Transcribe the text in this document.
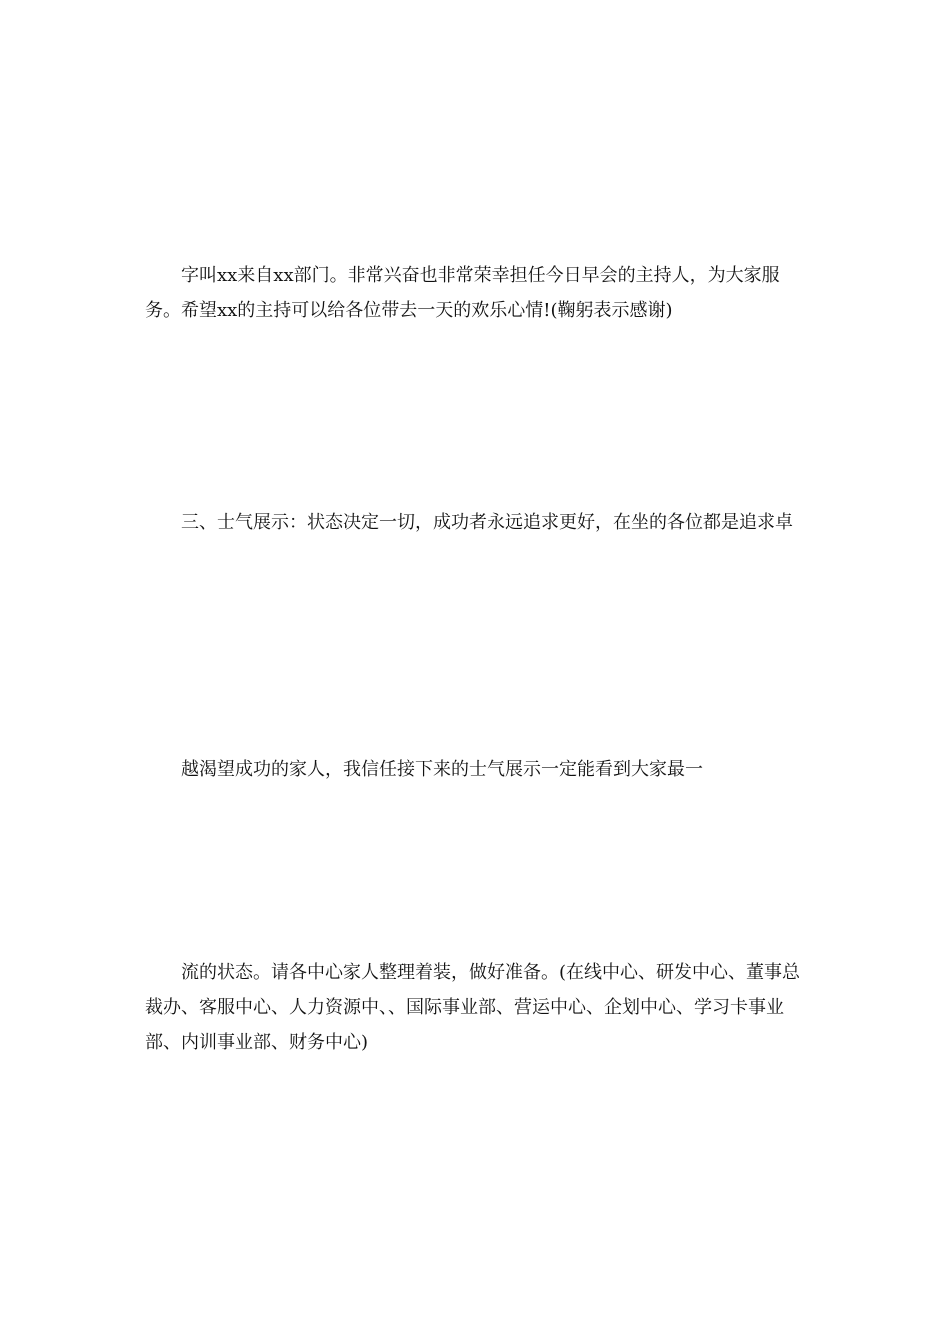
字叫xx来自xx部门。非常兴奋也非常荣幸担任今日早会的主持人，为大家服务。希望xx的主持可以给各位带去一天的欢乐心情!(鞠躬表示感谢)

三、士气展示：状态决定一切，成功者永远追求更好，在坐的各位都是追求卓

越渴望成功的家人，我信任接下来的士气展示一定能看到大家最一

流的状态。请各中心家人整理着装，做好准备。(在线中心、研发中心、董事总裁办、客服中心、人力资源中、、国际事业部、营运中心、企划中心、学习卡事业部、内训事业部、财务中心)
